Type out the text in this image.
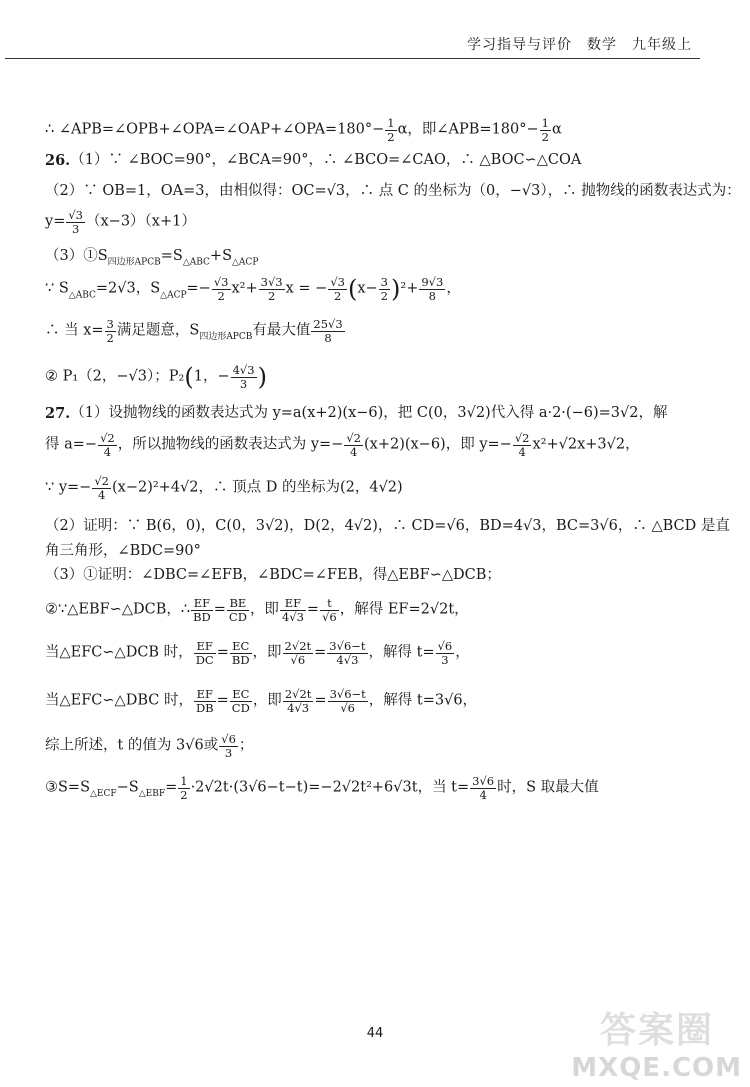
学习指导与评价　数学　九年级上
∴ ∠APB=∠OPB+∠OPA=∠OAP+∠OPA=180°− $\frac{1}{2}$ α，即∠APB=180°− $\frac{1}{2}$ α
26.（1）∵ ∠BOC=90°，∠BCA=90°，∴ ∠BCO=∠CAO，∴ △BOC∽△COA
（2）∵ OB=1，OA=3，由相似得：OC=√3，∴ 点 C 的坐标为（0，−√3），∴ 抛物线的函数表达式为：
$y= \frac{√3}{3} (x-3)(x+1)$
$(3)①S_{四边形APCB}=S_{\triangle ABC}+S_{\triangle ACP}$
∵ $S_{\triangle ABC}=2√3$，$S_{\triangle ACP}=- \frac{√3}{2} x^2+ \frac{3√3}{2}$ x = − $\frac{√3}{2} (x- \frac{3}{2} )^2+ \frac{9√3}{8}$ ，
∴ 当 $x= \frac{3}{2}$ 满足题意，$S_{四边形APCB}$有最大值 $\frac{25√3}{8}$
② P₁（2，−√3）；P₂(1，− $\frac{4√3}{3}$ )
27.（1）设抛物线的函数表达式为 y=a(x+2)(x−6)，把 C(0，3√2)代入得 a·2·(−6)=3√2，解
得 $a=- \frac{√2}{4}$ ，所以抛物线的函数表达式为 $y=- \frac{√2}{4} (x+2)(x-6)$，即 $y=- \frac{√2}{4} x^2+√2x+3√2$，
∵ $y=- \frac{√2}{4} (x-2)^2+4√2$，∴ 顶点 D 的坐标为(2，4√2)
（2）证明：∵ B(6，0)，C(0，3√2)，D(2，4√2)，∴ CD=√6，BD=4√3，BC=3√6，∴ △BCD 是直
角三角形，∠BDC=90°
（3）①证明：∠DBC=∠EFB，∠BDC=∠FEB，得△EBF∽△DCB；
②∵△EBF∽△DCB，∴ $\frac{EF}{BD} = \frac{BE}{CD}$ ，即 $\frac{EF}{4√3} = \frac{t}{√6}$ ，解得 EF=2√2t，
当△EFC∽△DCB 时， $\frac{EF}{DC} = \frac{EC}{BD}$ ，即 $\frac{2√2t}{√6} = \frac{3√6-t}{4√3}$ ，解得 $t= \frac{√6}{3}$ ，
当△EFC∽△DBC 时， $\frac{EF}{DB} = \frac{EC}{CD}$ ，即 $\frac{2√2t}{4√3} = \frac{3√6-t}{√6}$ ，解得 t=3√6，
综上所述，t 的值为 3√6或 $\frac{√6}{3}$ ；
$③S=S_{\triangle ECF}-S_{\triangle EBF}= \frac{1}{2} \cdot 2√2t\cdot(3√6-t-t)=-2√2t^2+6√3t$，当 $t= \frac{3√6}{4}$ 时，S 取最大值
44	答案圈
MXQE.COM
